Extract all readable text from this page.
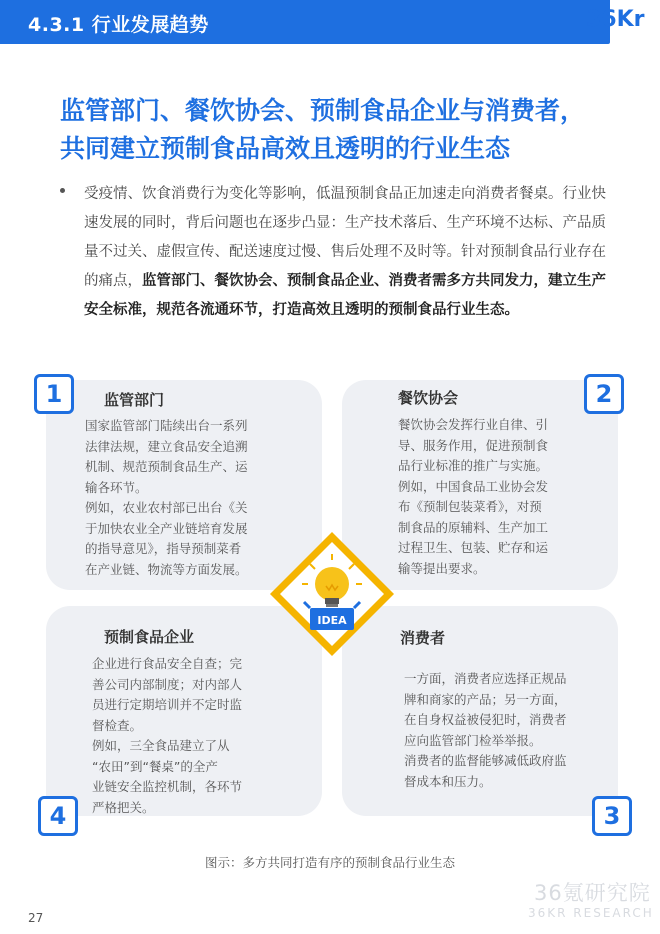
4.3.1 行业发展趋势	36Kr
监管部门、餐饮协会、预制食品企业与消费者，
共同建立预制食品高效且透明的行业生态
受疫情、饮食消费行为变化等影响，低温预制食品正加速走向消费者餐桌。行业快速发展的同时，背后问题也在逐步凸显：生产技术落后、生产环境不达标、产品质量不过关、虚假宣传、配送速度过慢、售后处理不及时等。针对预制食品行业存在的痛点，监管部门、餐饮协会、预制食品企业、消费者需多方共同发力，建立生产安全标准，规范各流通环节，打造高效且透明的预制食品行业生态。
1	监管部门
国家监管部门陆续出台一系列
法律法规，建立食品安全追溯
机制、规范预制食品生产、运
输各环节。
例如，农业农村部已出台《关
于加快农业全产业链培育发展
的指导意见》，指导预制菜肴
在产业链、物流等方面发展。
2
餐饮协会
餐饮协会发挥行业自律、引
导、服务作用，促进预制食
品行业标准的推广与实施。
例如，中国食品工业协会发
布《预制包装菜肴》，对预
制食品的原辅料、生产加工
过程卫生、包装、贮存和运
输等提出要求。
4
预制食品企业
企业进行食品安全自查；完
善公司内部制度；对内部人
员进行定期培训并不定时监
督检查。
例如，三全食品建立了从
“农田”到“餐桌”的全产
业链安全监控机制，各环节
严格把关。	3
消费者
一方面，消费者应选择正规品
牌和商家的产品；另一方面，
在自身权益被侵犯时，消费者
应向监管部门检举举报。
消费者的监督能够减低政府监
督成本和压力。
IDEA
图示：多方共同打造有序的预制食品行业生态
27
36氪研究院
36KR RESEARCH
